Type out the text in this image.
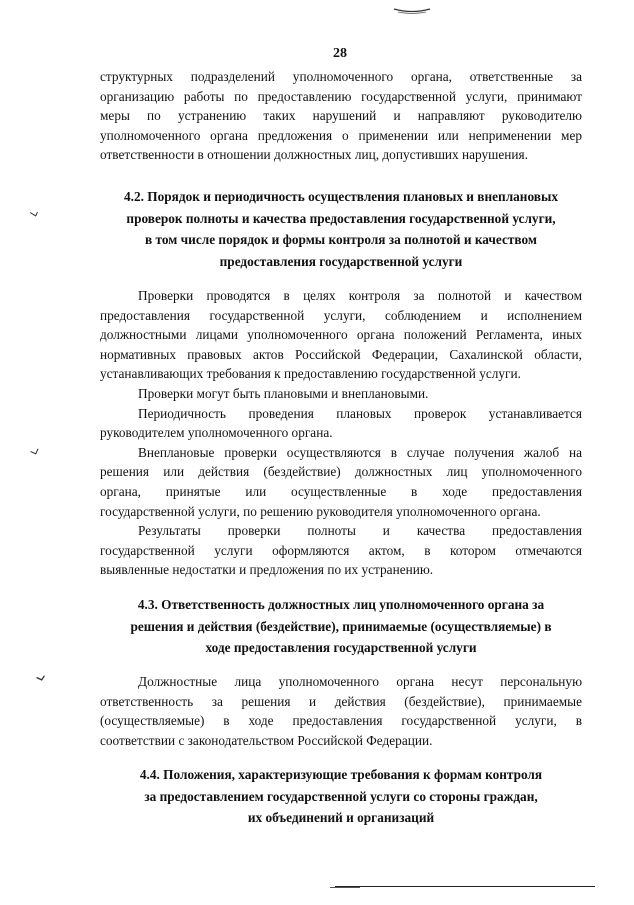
28
структурных подразделений уполномоченного органа, ответственные за
организацию работы по предоставлению государственной услуги, принимают
меры по устранению таких нарушений и направляют руководителю
уполномоченного органа предложения о применении или неприменении мер
ответственности в отношении должностных лиц, допустивших нарушения.
4.2. Порядок и периодичность осуществления плановых и внеплановых
проверок полноты и качества предоставления государственной услуги,
в том числе порядок и формы контроля за полнотой и качеством
предоставления государственной услуги
Проверки проводятся в целях контроля за полнотой и качеством
предоставления государственной услуги, соблюдением и исполнением
должностными лицами уполномоченного органа положений Регламента, иных
нормативных правовых актов Российской Федерации, Сахалинской области,
устанавливающих требования к предоставлению государственной услуги.
Проверки могут быть плановыми и внеплановыми.
Периодичность проведения плановых проверок устанавливается
руководителем уполномоченного органа.
Внеплановые проверки осуществляются в случае получения жалоб на
решения или действия (бездействие) должностных лиц уполномоченного
органа, принятые или осуществленные в ходе предоставления
государственной услуги, по решению руководителя уполномоченного органа.
Результаты проверки полноты и качества предоставления
государственной услуги оформляются актом, в котором отмечаются
выявленные недостатки и предложения по их устранению.
4.3. Ответственность должностных лиц уполномоченного органа за
решения и действия (бездействие), принимаемые (осуществляемые) в
ходе предоставления государственной услуги
Должностные лица уполномоченного органа несут персональную
ответственность за решения и действия (бездействие), принимаемые
(осуществляемые) в ходе предоставления государственной услуги, в
соответствии с законодательством Российской Федерации.
4.4. Положения, характеризующие требования к формам контроля
за предоставлением государственной услуги со стороны граждан,
их объединений и организаций
